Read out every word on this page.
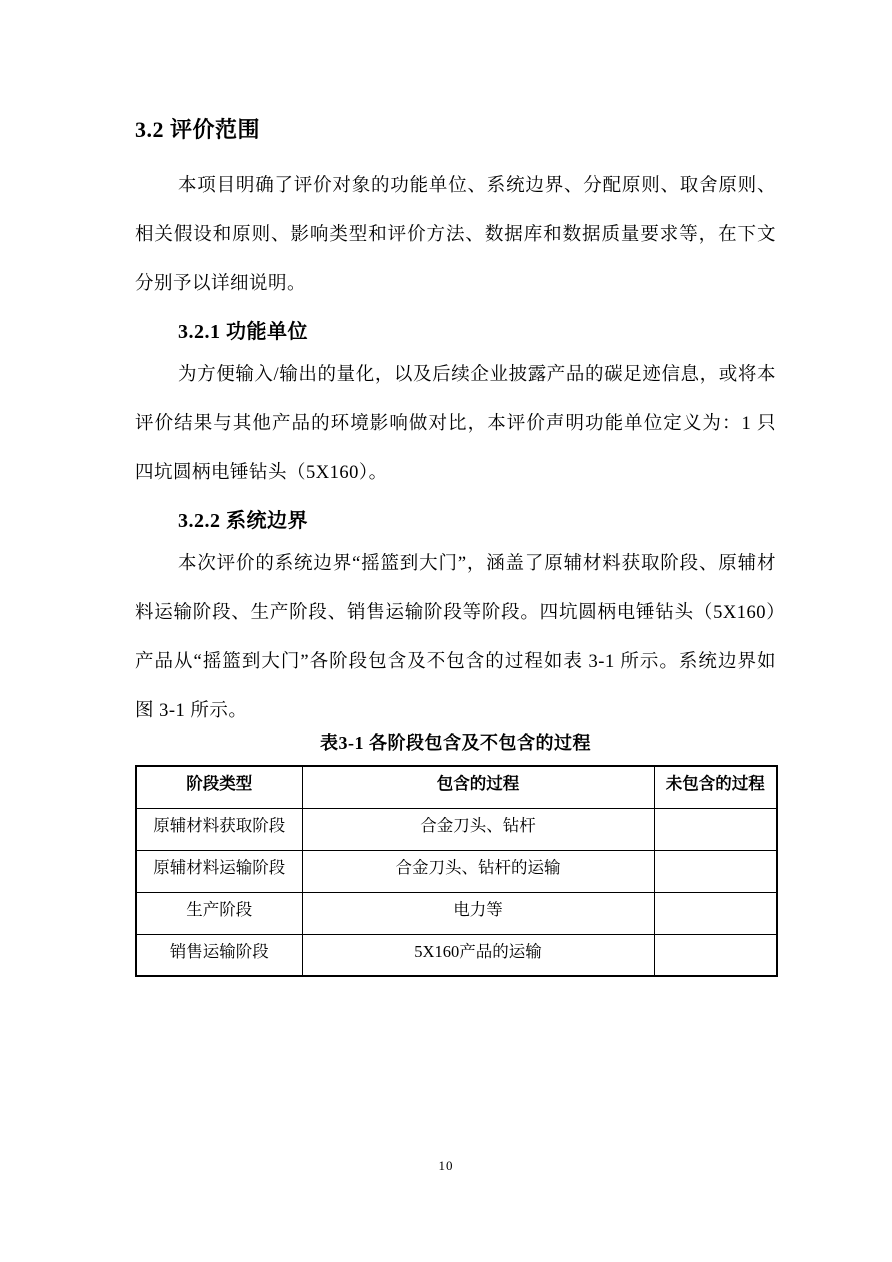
3.2 评价范围

本项目明确了评价对象的功能单位、系统边界、分配原则、取舍原则、相关假设和原则、影响类型和评价方法、数据库和数据质量要求等，在下文分别予以详细说明。

3.2.1 功能单位

为方便输入/输出的量化，以及后续企业披露产品的碳足迹信息，或将本评价结果与其他产品的环境影响做对比，本评价声明功能单位定义为：1 只四坑圆柄电锤钻头（5X160）。

3.2.2 系统边界

本次评价的系统边界“摇篮到大门”，涵盖了原辅材料获取阶段、原辅材料运输阶段、生产阶段、销售运输阶段等阶段。四坑圆柄电锤钻头（5X160）产品从“摇篮到大门”各阶段包含及不包含的过程如表 3-1 所示。系统边界如图 3-1 所示。

表3-1 各阶段包含及不包含的过程
阶段类型	包含的过程	未包含的过程
原辅材料获取阶段	合金刀头、钻杆	
原辅材料运输阶段	合金刀头、钻杆的运输	
生产阶段	电力等	
销售运输阶段	5X160产品的运输	
10
